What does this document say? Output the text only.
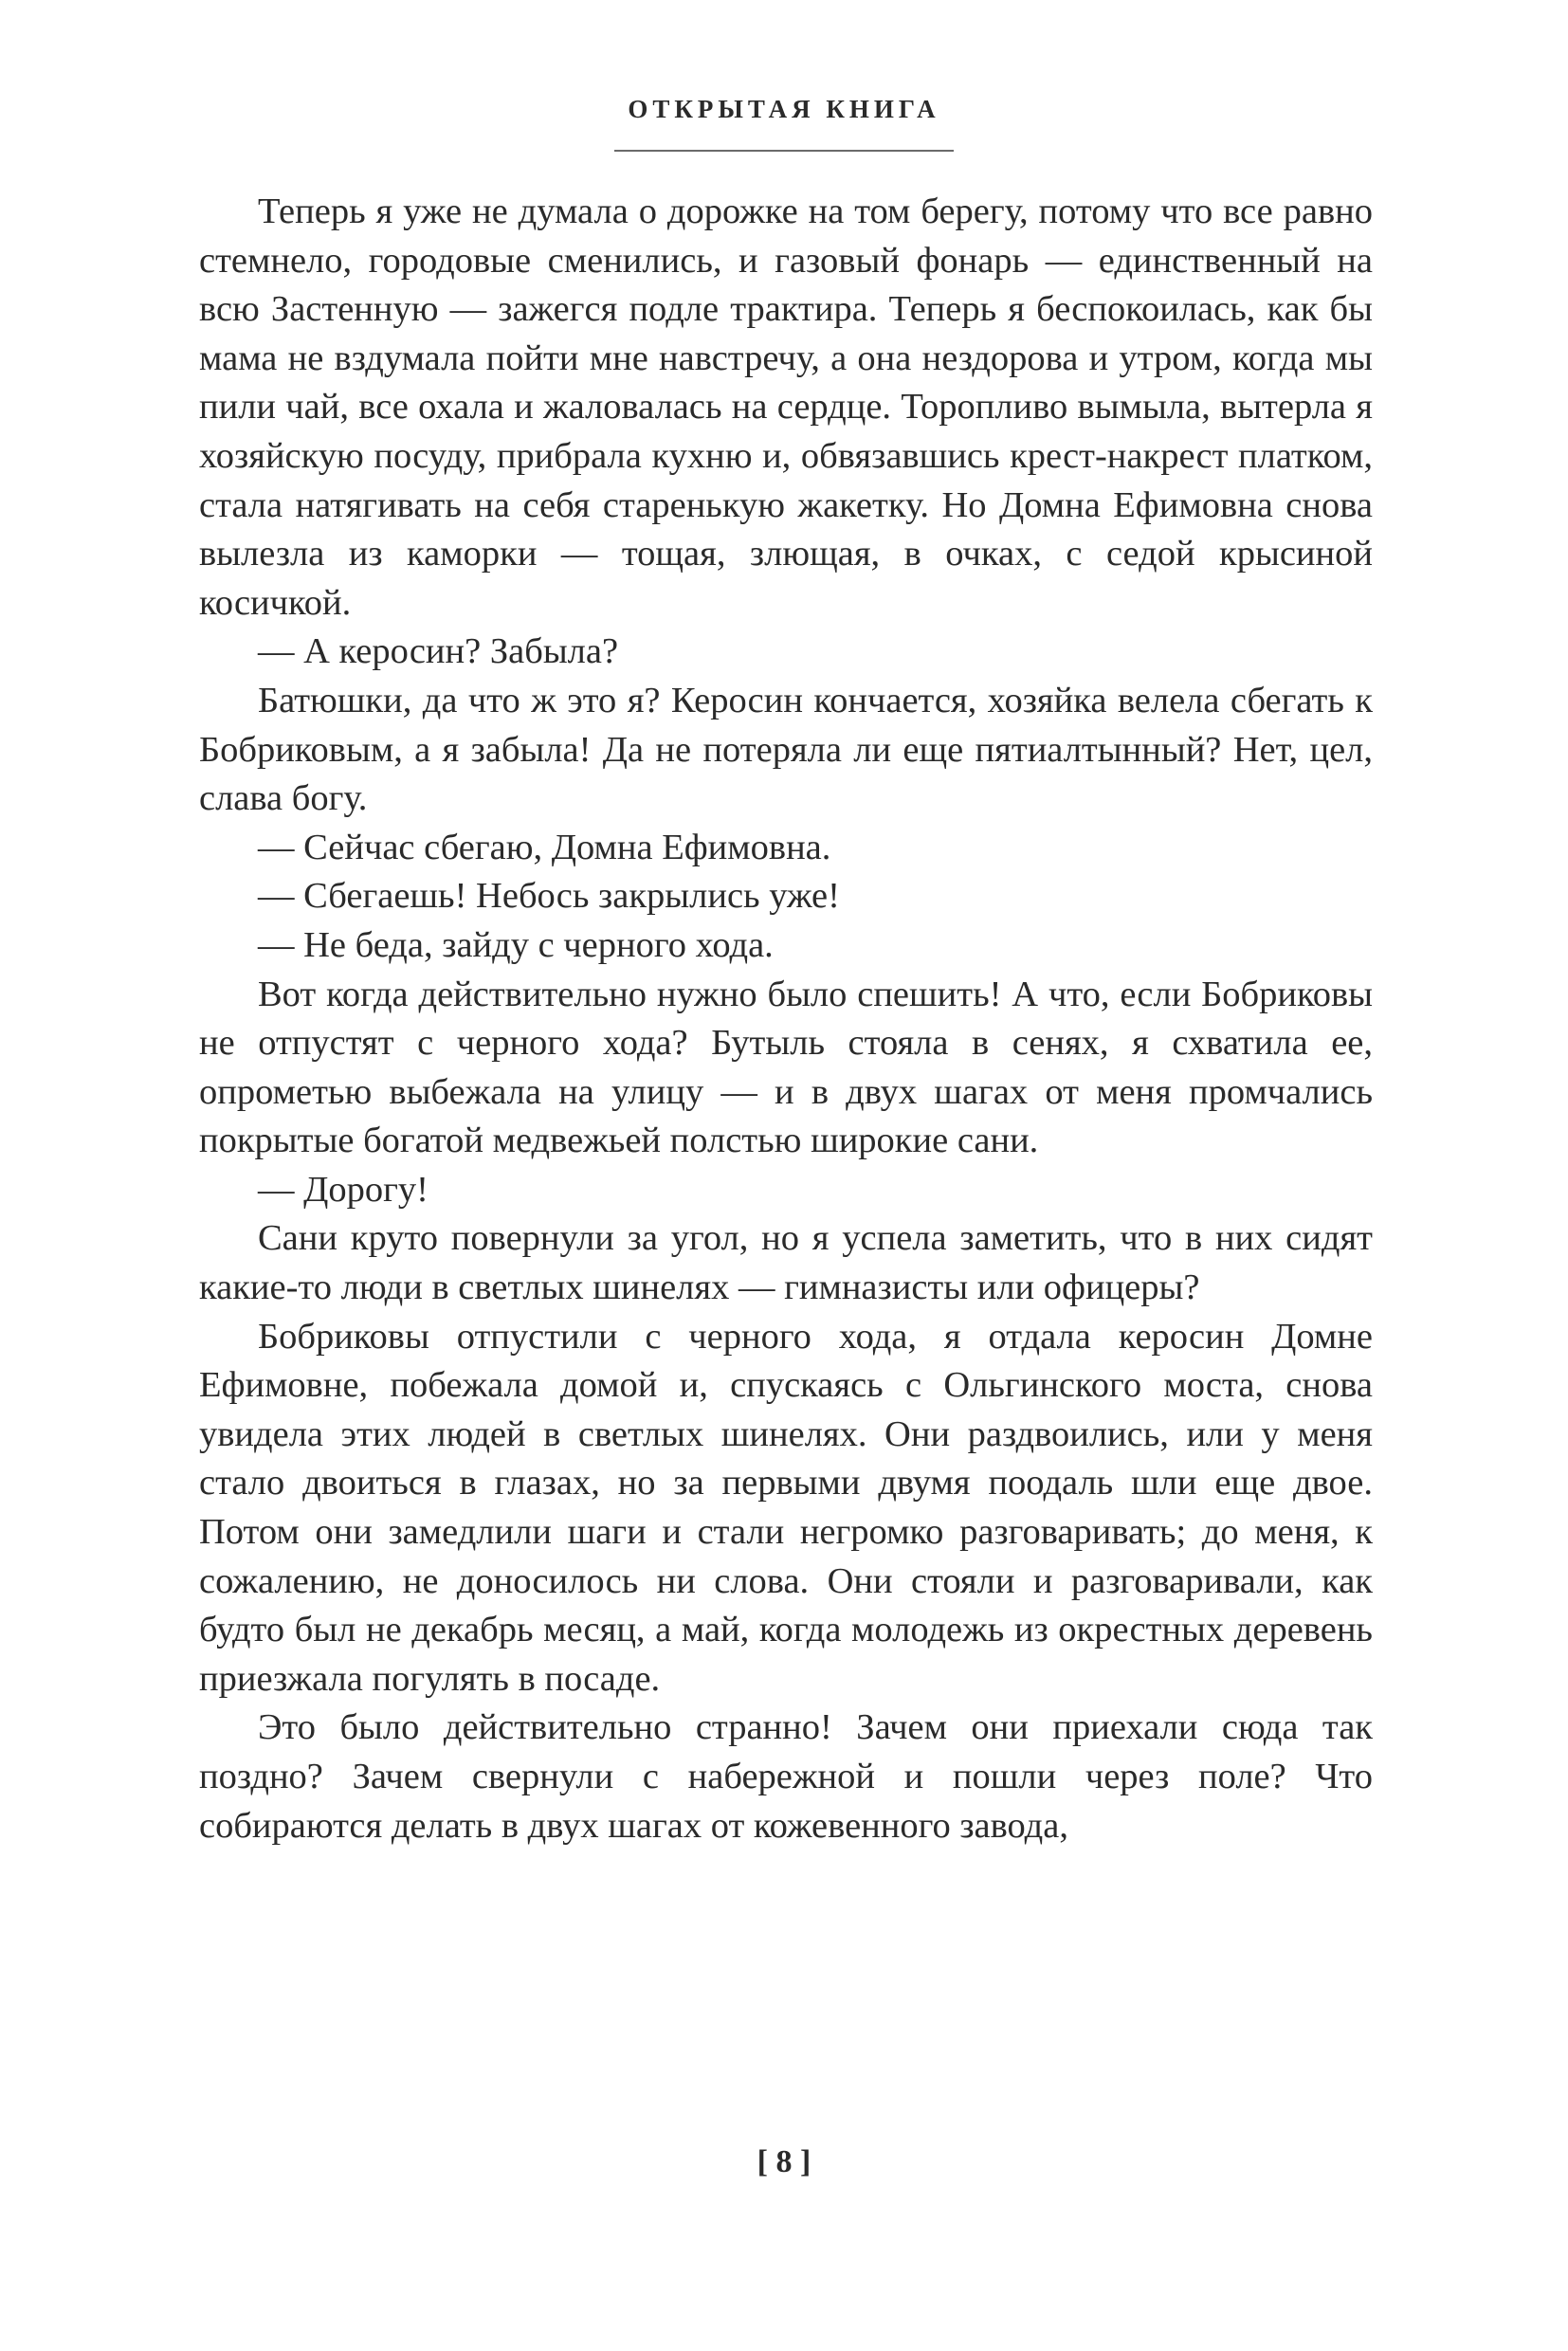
ОТКРЫТАЯ КНИГА

Теперь я уже не думала о дорожке на том берегу, потому что все равно стемнело, городовые сменились, и газовый фонарь — единственный на всю Застенную — зажегся подле трактира. Теперь я беспокоилась, как бы мама не вздумала пойти мне навстречу, а она нездорова и утром, когда мы пили чай, все охала и жаловалась на сердце. Торопливо вымыла, вытерла я хозяйскую посуду, прибрала кухню и, обвязавшись крест-накрест платком, стала натягивать на себя старенькую жакетку. Но Домна Ефимовна снова вылезла из каморки — тощая, злющая, в очках, с седой крысиной косичкой.

— А керосин? Забыла?

Батюшки, да что ж это я? Керосин кончается, хозяйка велела сбегать к Бобриковым, а я забыла! Да не потеряла ли еще пятиалтынный? Нет, цел, слава богу.

— Сейчас сбегаю, Домна Ефимовна.

— Сбегаешь! Небось закрылись уже!

— Не беда, зайду с черного хода.

Вот когда действительно нужно было спешить! А что, если Бобриковы не отпустят с черного хода? Бутыль стояла в сенях, я схватила ее, опрометью выбежала на улицу — и в двух шагах от меня промчались покрытые богатой медвежьей полстью широкие сани.

— Дорогу!

Сани круто повернули за угол, но я успела заметить, что в них сидят какие-то люди в светлых шинелях — гимназисты или офицеры?

Бобриковы отпустили с черного хода, я отдала керосин Домне Ефимовне, побежала домой и, спускаясь с Ольгинского моста, снова увидела этих людей в светлых шинелях. Они раздвоились, или у меня стало двоиться в глазах, но за первыми двумя поодаль шли еще двое. Потом они замедлили шаги и стали негромко разговаривать; до меня, к сожалению, не доносилось ни слова. Они стояли и разговаривали, как будто был не декабрь месяц, а май, когда молодежь из окрестных деревень приезжала погулять в посаде.

Это было действительно странно! Зачем они приехали сюда так поздно? Зачем свернули с набережной и пошли через поле? Что собираются делать в двух шагах от кожевенного завода,

[ 8 ]
